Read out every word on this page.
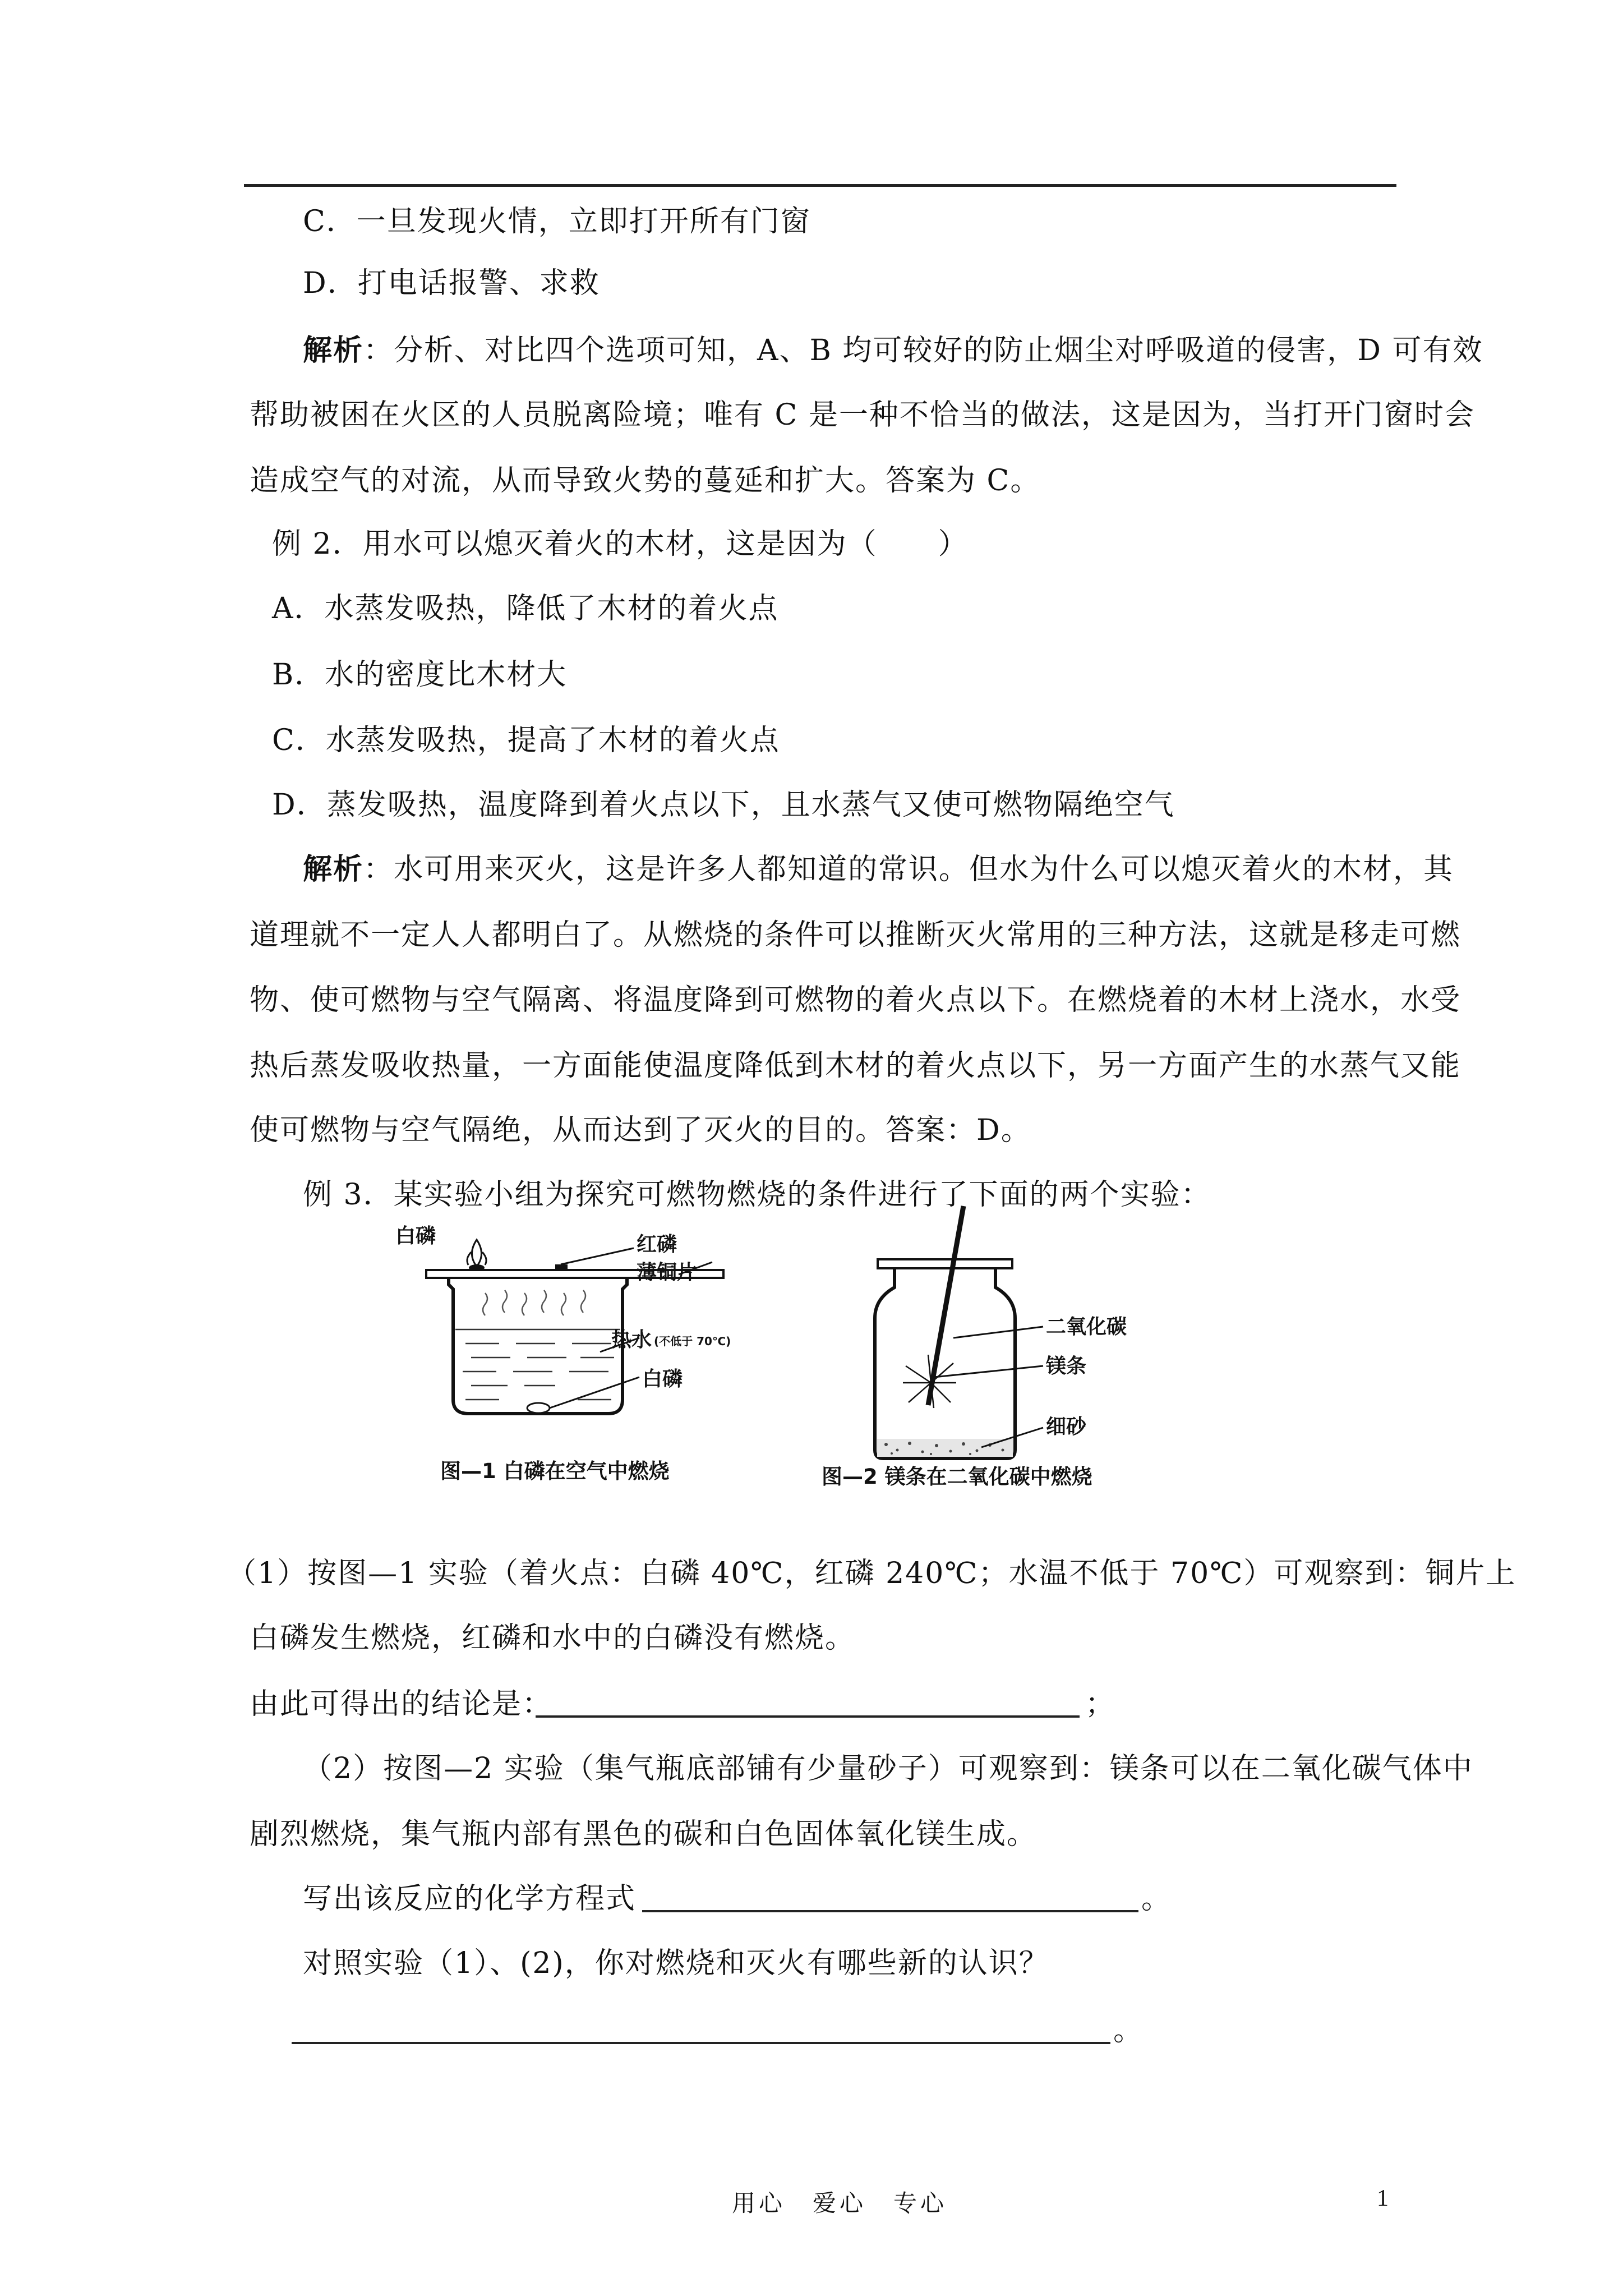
C．一旦发现火情，立即打开所有门窗
D．打电话报警、求救
解析：分析、对比四个选项可知，A、B 均可较好的防止烟尘对呼吸道的侵害，D 可有效
帮助被困在火区的人员脱离险境；唯有 C 是一种不恰当的做法，这是因为，当打开门窗时会
造成空气的对流，从而导致火势的蔓延和扩大。答案为 C。
例 2．用水可以熄灭着火的木材，这是因为（　　）
A．水蒸发吸热，降低了木材的着火点
B．水的密度比木材大
C．水蒸发吸热，提高了木材的着火点
D．蒸发吸热，温度降到着火点以下，且水蒸气又使可燃物隔绝空气
解析：水可用来灭火，这是许多人都知道的常识。但水为什么可以熄灭着火的木材，其
道理就不一定人人都明白了。从燃烧的条件可以推断灭火常用的三种方法，这就是移走可燃
物、使可燃物与空气隔离、将温度降到可燃物的着火点以下。在燃烧着的木材上浇水，水受
热后蒸发吸收热量，一方面能使温度降低到木材的着火点以下，另一方面产生的水蒸气又能
使可燃物与空气隔绝，从而达到了灭火的目的。答案：D。
例 3．某实验小组为探究可燃物燃烧的条件进行了下面的两个实验：
白磷	红磷
薄铜片
热水 (不低于 70℃)
白磷
图—1 白磷在空气中燃烧
二氧化碳
镁条
细砂
图—2 镁条在二氧化碳中燃烧
（1）按图—1 实验（着火点：白磷 40℃，红磷 240℃；水温不低于 70℃）可观察到：铜片上
白磷发生燃烧，红磷和水中的白磷没有燃烧。
由此可得出的结论是：	；
（2）按图—2 实验（集气瓶底部铺有少量砂子）可观察到：镁条可以在二氧化碳气体中
剧烈燃烧，集气瓶内部有黑色的碳和白色固体氧化镁生成。
写出该反应的化学方程式	。
对照实验（1）、(2)，你对燃烧和灭火有哪些新的认识？
。
用心　爱心　专心	1
